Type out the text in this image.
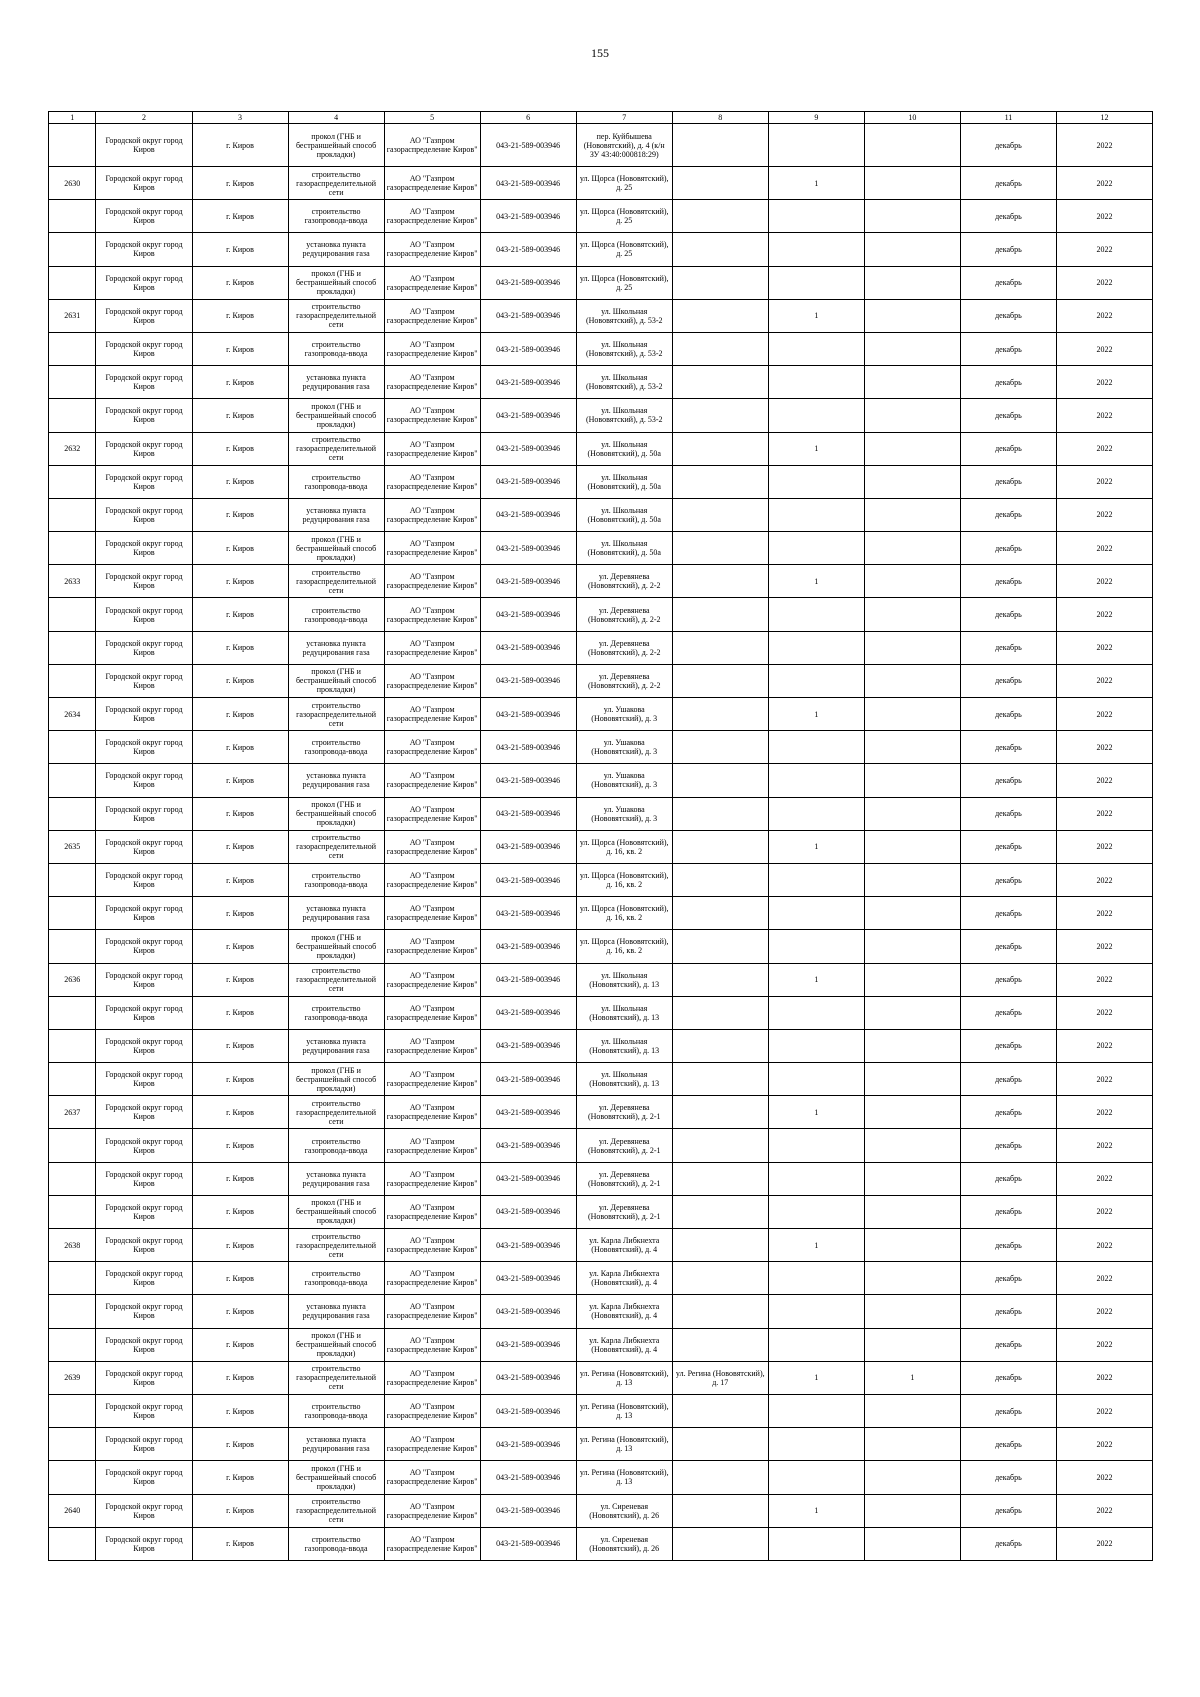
155
1	2	3	4	5	6	7	8	9	10	11	12

	Городской округ город Киров	г. Киров	прокол (ГНБ и бестраншейный способ прокладки)	АО "Газпром газораспределение Киров"	043-21-589-003946	пер. Куйбышева (Нововятский), д. 4 (к/н ЗУ 43:40:000818:29)				декабрь	2022

2630	Городской округ город Киров	г. Киров	строительство газораспределительной сети	АО "Газпром газораспределение Киров"	043-21-589-003946	ул. Щорса (Нововятский), д. 25		1		декабрь	2022

	Городской округ город Киров	г. Киров	строительство газопровода-ввода	АО "Газпром газораспределение Киров"	043-21-589-003946	ул. Щорса (Нововятский), д. 25				декабрь	2022

	Городской округ город Киров	г. Киров	установка пункта редуцирования газа	АО "Газпром газораспределение Киров"	043-21-589-003946	ул. Щорса (Нововятский), д. 25				декабрь	2022

	Городской округ город Киров	г. Киров	прокол (ГНБ и бестраншейный способ прокладки)	АО "Газпром газораспределение Киров"	043-21-589-003946	ул. Щорса (Нововятский), д. 25				декабрь	2022

2631	Городской округ город Киров	г. Киров	строительство газораспределительной сети	АО "Газпром газораспределение Киров"	043-21-589-003946	ул. Школьная (Нововятский), д. 53-2		1		декабрь	2022

	Городской округ город Киров	г. Киров	строительство газопровода-ввода	АО "Газпром газораспределение Киров"	043-21-589-003946	ул. Школьная (Нововятский), д. 53-2				декабрь	2022

	Городской округ город Киров	г. Киров	установка пункта редуцирования газа	АО "Газпром газораспределение Киров"	043-21-589-003946	ул. Школьная (Нововятский), д. 53-2				декабрь	2022

	Городской округ город Киров	г. Киров	прокол (ГНБ и бестраншейный способ прокладки)	АО "Газпром газораспределение Киров"	043-21-589-003946	ул. Школьная (Нововятский), д. 53-2				декабрь	2022

2632	Городской округ город Киров	г. Киров	строительство газораспределительной сети	АО "Газпром газораспределение Киров"	043-21-589-003946	ул. Школьная (Нововятский), д. 50а		1		декабрь	2022

	Городской округ город Киров	г. Киров	строительство газопровода-ввода	АО "Газпром газораспределение Киров"	043-21-589-003946	ул. Школьная (Нововятский), д. 50а				декабрь	2022

	Городской округ город Киров	г. Киров	установка пункта редуцирования газа	АО "Газпром газораспределение Киров"	043-21-589-003946	ул. Школьная (Нововятский), д. 50а				декабрь	2022

	Городской округ город Киров	г. Киров	прокол (ГНБ и бестраншейный способ прокладки)	АО "Газпром газораспределение Киров"	043-21-589-003946	ул. Школьная (Нововятский), д. 50а				декабрь	2022

2633	Городской округ город Киров	г. Киров	строительство газораспределительной сети	АО "Газпром газораспределение Киров"	043-21-589-003946	ул. Деревянева (Нововятский), д. 2-2		1		декабрь	2022

	Городской округ город Киров	г. Киров	строительство газопровода-ввода	АО "Газпром газораспределение Киров"	043-21-589-003946	ул. Деревянева (Нововятский), д. 2-2				декабрь	2022

	Городской округ город Киров	г. Киров	установка пункта редуцирования газа	АО "Газпром газораспределение Киров"	043-21-589-003946	ул. Деревянева (Нововятский), д. 2-2				декабрь	2022

	Городской округ город Киров	г. Киров	прокол (ГНБ и бестраншейный способ прокладки)	АО "Газпром газораспределение Киров"	043-21-589-003946	ул. Деревянева (Нововятский), д. 2-2				декабрь	2022

2634	Городской округ город Киров	г. Киров	строительство газораспределительной сети	АО "Газпром газораспределение Киров"	043-21-589-003946	ул. Ушакова (Нововятский), д. 3		1		декабрь	2022

	Городской округ город Киров	г. Киров	строительство газопровода-ввода	АО "Газпром газораспределение Киров"	043-21-589-003946	ул. Ушакова (Нововятский), д. 3				декабрь	2022

	Городской округ город Киров	г. Киров	установка пункта редуцирования газа	АО "Газпром газораспределение Киров"	043-21-589-003946	ул. Ушакова (Нововятский), д. 3				декабрь	2022

	Городской округ город Киров	г. Киров	прокол (ГНБ и бестраншейный способ прокладки)	АО "Газпром газораспределение Киров"	043-21-589-003946	ул. Ушакова (Нововятский), д. 3				декабрь	2022

2635	Городской округ город Киров	г. Киров	строительство газораспределительной сети	АО "Газпром газораспределение Киров"	043-21-589-003946	ул. Щорса (Нововятский), д. 16, кв. 2		1		декабрь	2022

	Городской округ город Киров	г. Киров	строительство газопровода-ввода	АО "Газпром газораспределение Киров"	043-21-589-003946	ул. Щорса (Нововятский), д. 16, кв. 2				декабрь	2022

	Городской округ город Киров	г. Киров	установка пункта редуцирования газа	АО "Газпром газораспределение Киров"	043-21-589-003946	ул. Щорса (Нововятский), д. 16, кв. 2				декабрь	2022

	Городской округ город Киров	г. Киров	прокол (ГНБ и бестраншейный способ прокладки)	АО "Газпром газораспределение Киров"	043-21-589-003946	ул. Щорса (Нововятский), д. 16, кв. 2				декабрь	2022

2636	Городской округ город Киров	г. Киров	строительство газораспределительной сети	АО "Газпром газораспределение Киров"	043-21-589-003946	ул. Школьная (Нововятский), д. 13		1		декабрь	2022

	Городской округ город Киров	г. Киров	строительство газопровода-ввода	АО "Газпром газораспределение Киров"	043-21-589-003946	ул. Школьная (Нововятский), д. 13				декабрь	2022

	Городской округ город Киров	г. Киров	установка пункта редуцирования газа	АО "Газпром газораспределение Киров"	043-21-589-003946	ул. Школьная (Нововятский), д. 13				декабрь	2022

	Городской округ город Киров	г. Киров	прокол (ГНБ и бестраншейный способ прокладки)	АО "Газпром газораспределение Киров"	043-21-589-003946	ул. Школьная (Нововятский), д. 13				декабрь	2022

2637	Городской округ город Киров	г. Киров	строительство газораспределительной сети	АО "Газпром газораспределение Киров"	043-21-589-003946	ул. Деревянева (Нововятский), д. 2-1		1		декабрь	2022

	Городской округ город Киров	г. Киров	строительство газопровода-ввода	АО "Газпром газораспределение Киров"	043-21-589-003946	ул. Деревянева (Нововятский), д. 2-1				декабрь	2022

	Городской округ город Киров	г. Киров	установка пункта редуцирования газа	АО "Газпром газораспределение Киров"	043-21-589-003946	ул. Деревянева (Нововятский), д. 2-1				декабрь	2022

	Городской округ город Киров	г. Киров	прокол (ГНБ и бестраншейный способ прокладки)	АО "Газпром газораспределение Киров"	043-21-589-003946	ул. Деревянева (Нововятский), д. 2-1				декабрь	2022

2638	Городской округ город Киров	г. Киров	строительство газораспределительной сети	АО "Газпром газораспределение Киров"	043-21-589-003946	ул. Карла Либкнехта (Нововятский), д. 4		1		декабрь	2022

	Городской округ город Киров	г. Киров	строительство газопровода-ввода	АО "Газпром газораспределение Киров"	043-21-589-003946	ул. Карла Либкнехта (Нововятский), д. 4				декабрь	2022

	Городской округ город Киров	г. Киров	установка пункта редуцирования газа	АО "Газпром газораспределение Киров"	043-21-589-003946	ул. Карла Либкнехта (Нововятский), д. 4				декабрь	2022

	Городской округ город Киров	г. Киров	прокол (ГНБ и бестраншейный способ прокладки)	АО "Газпром газораспределение Киров"	043-21-589-003946	ул. Карла Либкнехта (Нововятский), д. 4				декабрь	2022

2639	Городской округ город Киров	г. Киров	строительство газораспределительной сети	АО "Газпром газораспределение Киров"	043-21-589-003946	ул. Регина (Нововятский), д. 13	ул. Регина (Нововятский), д. 17	1	1	декабрь	2022

	Городской округ город Киров	г. Киров	строительство газопровода-ввода	АО "Газпром газораспределение Киров"	043-21-589-003946	ул. Регина (Нововятский), д. 13				декабрь	2022

	Городской округ город Киров	г. Киров	установка пункта редуцирования газа	АО "Газпром газораспределение Киров"	043-21-589-003946	ул. Регина (Нововятский), д. 13				декабрь	2022

	Городской округ город Киров	г. Киров	прокол (ГНБ и бестраншейный способ прокладки)	АО "Газпром газораспределение Киров"	043-21-589-003946	ул. Регина (Нововятский), д. 13				декабрь	2022

2640	Городской округ город Киров	г. Киров	строительство газораспределительной сети	АО "Газпром газораспределение Киров"	043-21-589-003946	ул. Сиреневая (Нововятский), д. 26		1		декабрь	2022

	Городской округ город Киров	г. Киров	строительство газопровода-ввода	АО "Газпром газораспределение Киров"	043-21-589-003946	ул. Сиреневая (Нововятский), д. 26				декабрь	2022
